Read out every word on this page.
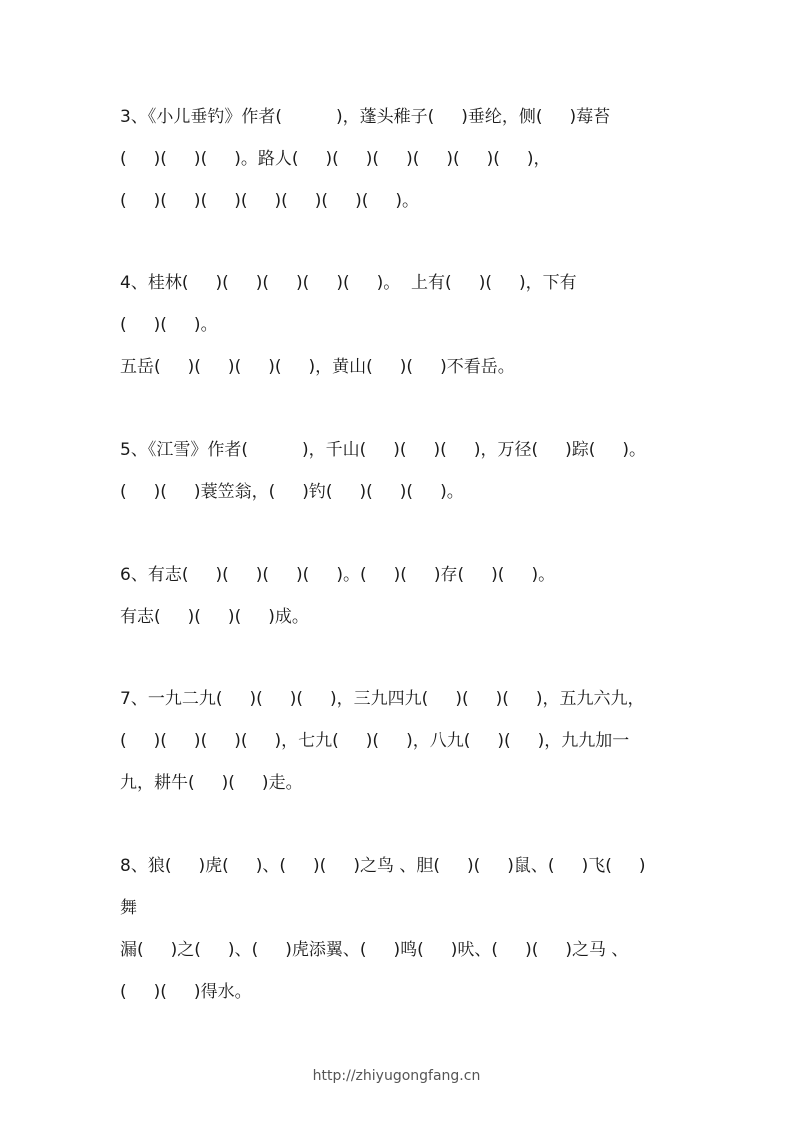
3、《小儿垂钓》作者(          )，蓬头稚子(     )垂纶，侧(     )莓苔
(     )(     )(     )。路人(     )(     )(     )(     )(     )(     )，
(     )(     )(     )(     )(     )(     )(     )。
4、桂林(     )(     )(     )(     )(     )。  上有(     )(     )，下有
(     )(     )。
五岳(     )(     )(     )(     )，黄山(     )(     )不看岳。
5、《江雪》作者(          )，千山(     )(     )(     )，万径(     )踪(     )。
(     )(     )蓑笠翁，(     )钓(     )(     )(     )。
6、有志(     )(     )(     )(     )。(     )(     )存(     )(     )。
有志(     )(     )(     )成。
7、一九二九(     )(     )(     )，三九四九(     )(     )(     )，五九六九，
(     )(     )(     )(     )，七九(     )(     )，八九(     )(     )，九九加一
九，耕牛(     )(     )走。
8、狼(     )虎(     )、(     )(     )之鸟 、胆(     )(     )鼠、(     )飞(     )
舞
漏(     )之(     )、(     )虎添翼、(     )鸣(     )吠、(     )(     )之马 、
(     )(     )得水。
http://zhiyugongfang.cn
